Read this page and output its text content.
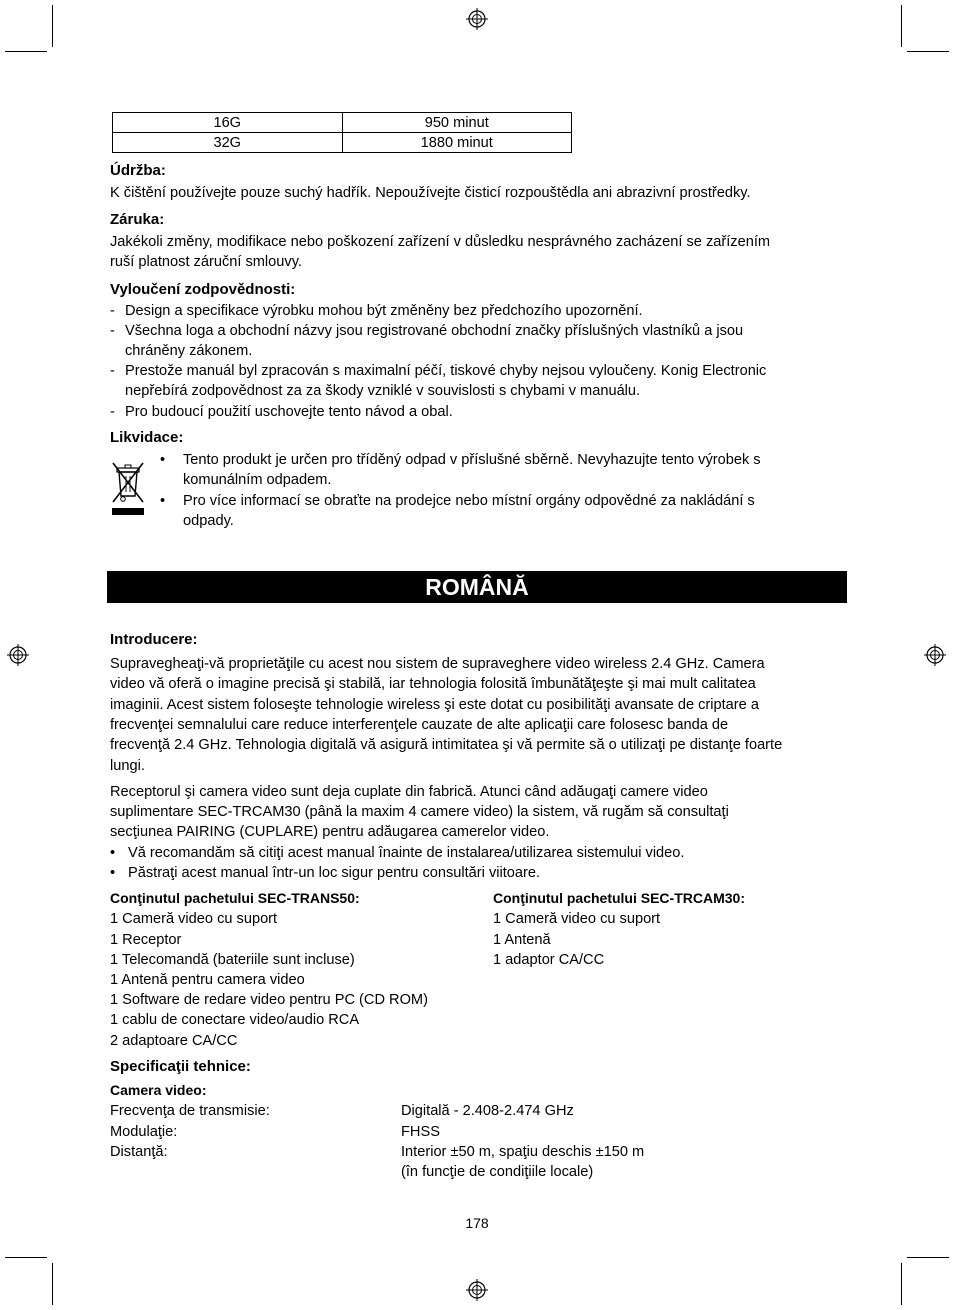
16G	950 minut
32G	1880 minut
Údržba:
K čištění používejte pouze suchý hadřík. Nepoužívejte čisticí rozpouštědla ani abrazivní prostředky.
Záruka:
Jakékoli změny, modifikace nebo poškození zařízení v důsledku nesprávného zacházení se zařízením
ruší platnost záruční smlouvy.
Vyloučení zodpovědnosti:
- Design a specifikace výrobku mohou být změněny bez předchozího upozornění.
- Všechna loga a obchodní názvy jsou registrované obchodní značky příslušných vlastníků a jsou
chráněny zákonem.
- Prestože manuál byl zpracován s maximalní péčí, tiskové chyby nejsou vyloučeny. Konig Electronic
nepřebírá zodpovědnost za za škody vzniklé v souvislosti s chybami v manuálu.
- Pro budoucí použití uschovejte tento návod a obal.
Likvidace:
• Tento produkt je určen pro tříděný odpad v příslušné sběrně. Nevyhazujte tento výrobek s
komunálním odpadem.
• Pro více informací se obraťte na prodejce nebo místní orgány odpovědné za nakládání s
odpady.
ROMÂNĂ
Introducere:
Supravegheaţi-vă proprietăţile cu acest nou sistem de supraveghere video wireless 2.4 GHz. Camera
video vă oferă o imagine precisă şi stabilă, iar tehnologia folosită îmbunătăţeşte şi mai mult calitatea
imaginii. Acest sistem foloseşte tehnologie wireless şi este dotat cu posibilităţi avansate de criptare a
frecvenţei semnalului care reduce interferenţele cauzate de alte aplicaţii care folosesc banda de
frecvenţă 2.4 GHz. Tehnologia digitală vă asigură intimitatea şi vă permite să o utilizaţi pe distanţe foarte
lungi.
Receptorul şi camera video sunt deja cuplate din fabrică. Atunci când adăugaţi camere video
suplimentare SEC-TRCAM30 (până la maxim 4 camere video) la sistem, vă rugăm să consultaţi
secţiunea PAIRING (CUPLARE) pentru adăugarea camerelor video.
• Vă recomandăm să citiţi acest manual înainte de instalarea/utilizarea sistemului video.
• Păstraţi acest manual într-un loc sigur pentru consultări viitoare.
Conţinutul pachetului SEC-TRANS50:
1 Cameră video cu suport
1 Receptor
1 Telecomandă (bateriile sunt incluse)
1 Antenă pentru camera video
1 Software de redare video pentru PC (CD ROM)
1 cablu de conectare video/audio RCA
2 adaptoare CA/CC
Conţinutul pachetului SEC-TRCAM30:
1 Cameră video cu suport
1 Antenă
1 adaptor CA/CC
Specificaţii tehnice:
Camera video:
Frecvenţa de transmisie:	Digitală - 2.408-2.474 GHz
Modulaţie:	FHSS
Distanţă:	Interior ±50 m, spaţiu deschis ±150 m
(în funcţie de condiţiile locale)
178
